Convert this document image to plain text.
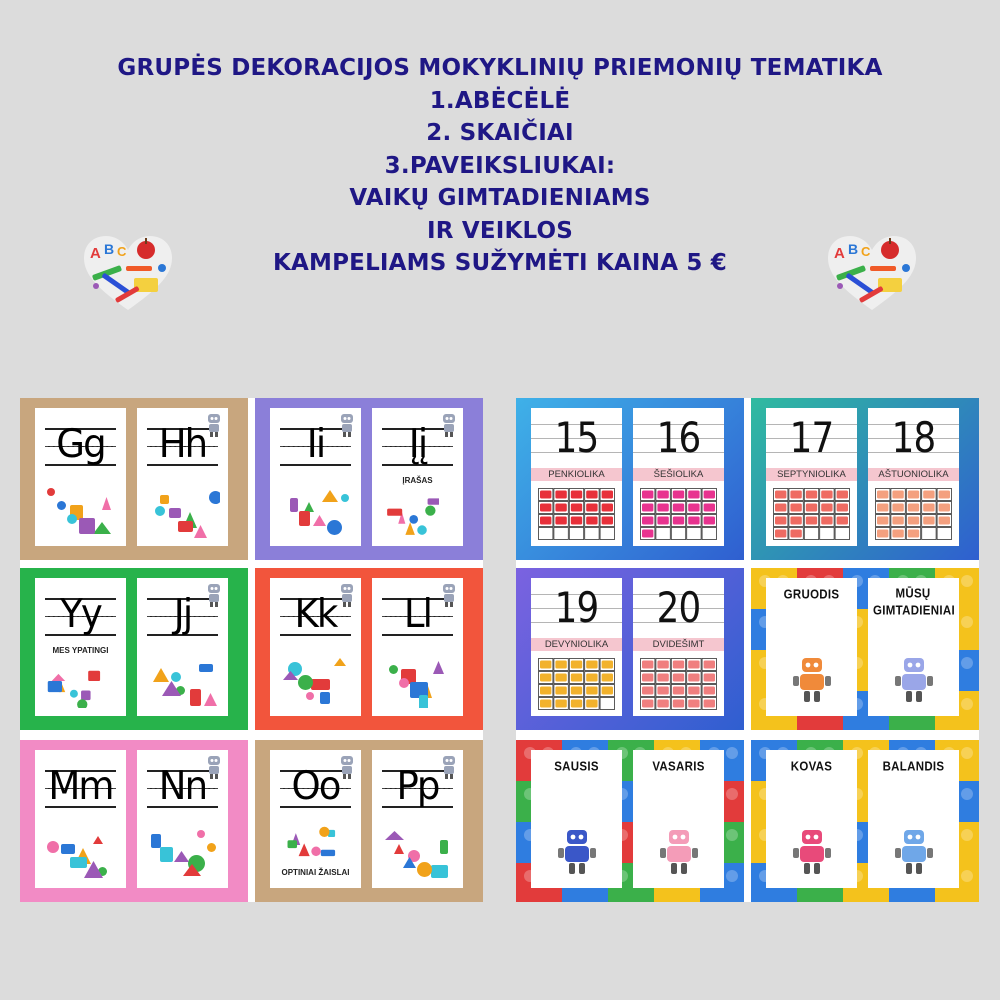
GRUPĖS DEKORACIJOS MOKYKLINIŲ PRIEMONIŲ TEMATIKA
1.ABĖCĖLĖ
2. SKAIČIAI
3.PAVEIKSLIUKAI:
VAIKŲ GIMTADIENIAMS
IR VEIKLOS
KAMPELIAMS SUŽYMĖTI KAINA 5 €
A B C	A B C
Gg	Hh	Ii	Įį
ĮRAŠAS
Yy
MES YPATINGI
Jj	Kk	Ll
Mm	Nn	Oo
OPTINIAI ŽAISLAI
Pp
15
PENKIOLIKA
16
ŠEŠIOLIKA
17
SEPTYNIOLIKA
18
AŠTUONIOLIKA
19
DEVYNIOLIKA
20
DVIDEŠIMT
GRUODIS	MŪSŲ GIMTADIENIAI
SAUSIS	VASARIS	KOVAS	BALANDIS
